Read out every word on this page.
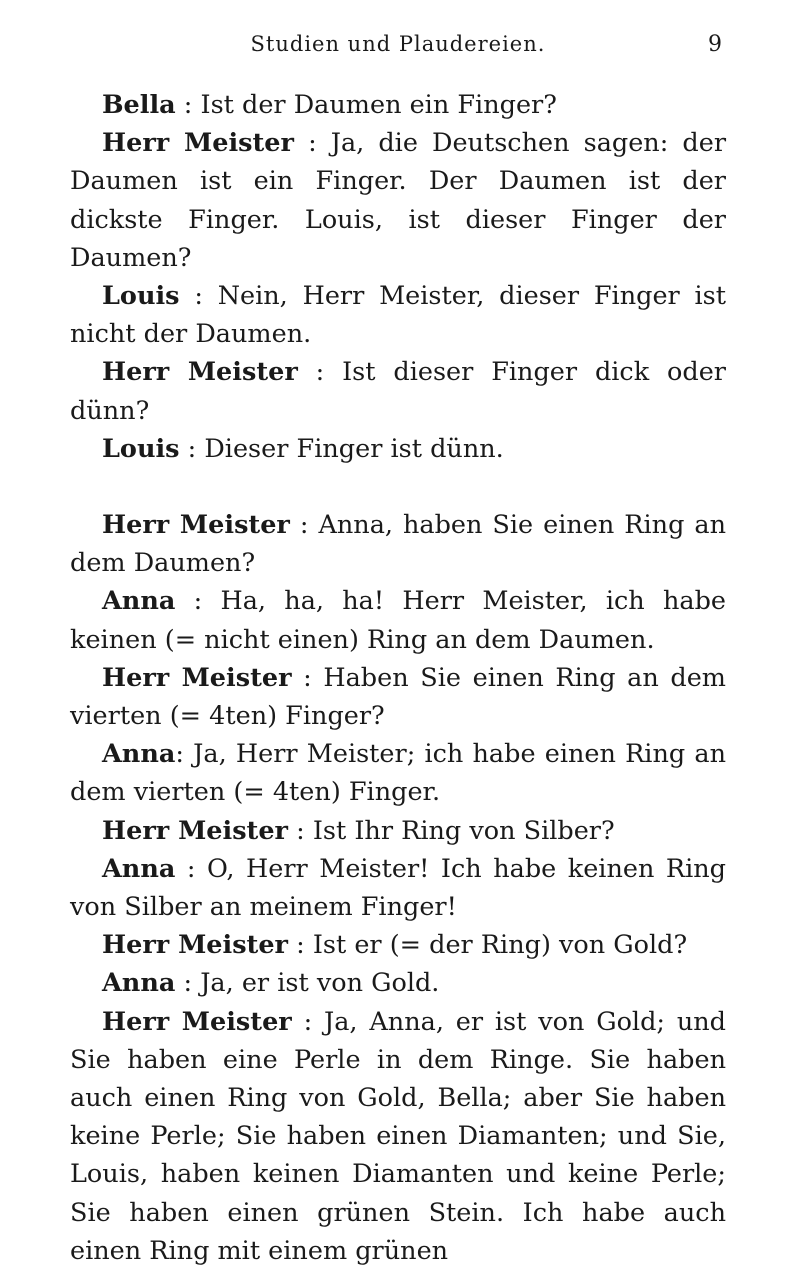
Studien und Plaudereien.	9

Bella : Ist der Daumen ein Finger?

Herr Meister : Ja, die Deutschen sagen: der Daumen ist ein Finger. Der Daumen ist der dickste Finger. Louis, ist dieser Finger der Daumen?

Louis : Nein, Herr Meister, dieser Finger ist nicht der Daumen.

Herr Meister : Ist dieser Finger dick oder dünn?

Louis : Dieser Finger ist dünn.

Herr Meister : Anna, haben Sie einen Ring an dem Daumen?

Anna : Ha, ha, ha! Herr Meister, ich habe keinen (= nicht einen) Ring an dem Daumen.

Herr Meister : Haben Sie einen Ring an dem vierten (= 4ten) Finger?

Anna: Ja, Herr Meister; ich habe einen Ring an dem vierten (= 4ten) Finger.

Herr Meister : Ist Ihr Ring von Silber?

Anna : O, Herr Meister! Ich habe keinen Ring von Silber an meinem Finger!

Herr Meister : Ist er (= der Ring) von Gold?

Anna : Ja, er ist von Gold.

Herr Meister : Ja, Anna, er ist von Gold; und Sie haben eine Perle in dem Ringe. Sie haben auch einen Ring von Gold, Bella; aber Sie haben keine Perle; Sie haben einen Diamanten; und Sie, Louis, haben keinen Diamanten und keine Perle; Sie haben einen grünen Stein. Ich habe auch einen Ring mit einem grünen
